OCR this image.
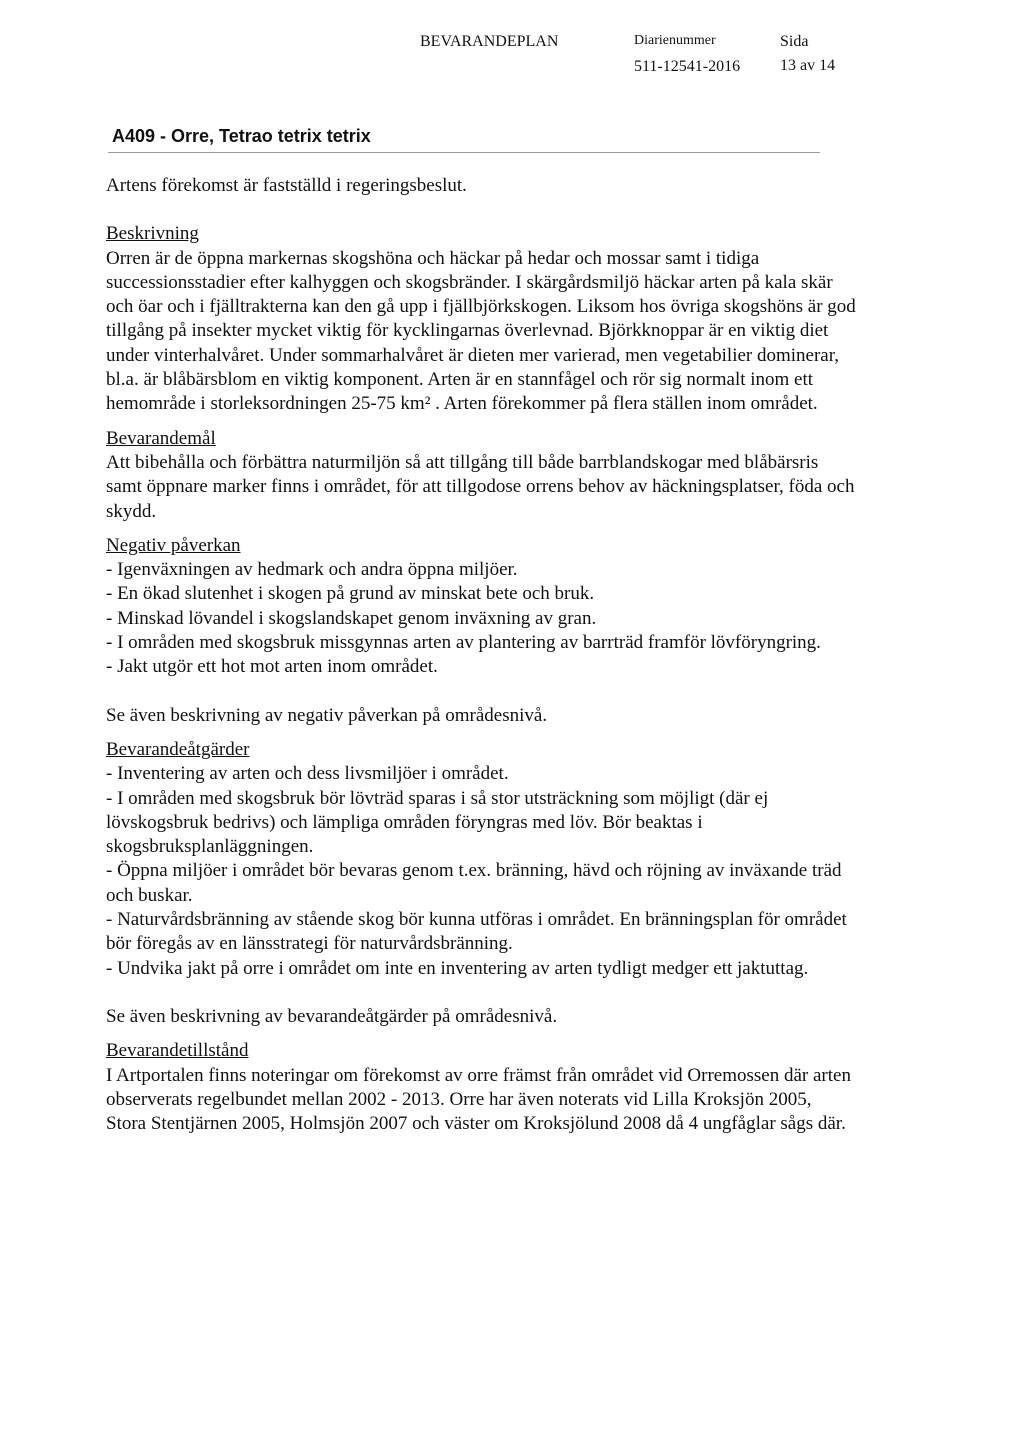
BEVARANDEPLAN	Diarienummer
511-12541-2016
Sida
13 av 14
A409 - Orre, Tetrao tetrix tetrix

Artens förekomst är fastställd i regeringsbeslut.

Beskrivning

Orren är de öppna markernas skogshöna och häckar på hedar och mossar samt i tidiga successionsstadier efter kalhyggen och skogsbränder. I skärgårdsmiljö häckar arten på kala skär och öar och i fjälltrakterna kan den gå upp i fjällbjörkskogen. Liksom hos övriga skogshöns är god tillgång på insekter mycket viktig för kycklingarnas överlevnad. Björkknoppar är en viktig diet under vinterhalvåret. Under sommarhalvåret är dieten mer varierad, men vegetabilier dominerar, bl.a. är blåbärsblom en viktig komponent. Arten är en stannfågel och rör sig normalt inom ett hemområde i storleksordningen 25-75 km² . Arten förekommer på flera ställen inom området.

Bevarandemål

Att bibehålla och förbättra naturmiljön så att tillgång till både barrblandskogar med blåbärsris samt öppnare marker finns i området, för att tillgodose orrens behov av häckningsplatser, föda och skydd.

Negativ påverkan

- Igenväxningen av hedmark och andra öppna miljöer.
- En ökad slutenhet i skogen på grund av minskat bete och bruk.
- Minskad lövandel i skogslandskapet genom inväxning av gran.
- I områden med skogsbruk missgynnas arten av plantering av barrträd framför lövföryngring.
- Jakt utgör ett hot mot arten inom området.

Se även beskrivning av negativ påverkan på områdesnivå.

Bevarandeåtgärder

- Inventering av arten och dess livsmiljöer i området.
- I områden med skogsbruk bör lövträd sparas i så stor utsträckning som möjligt (där ej lövskogsbruk bedrivs) och lämpliga områden föryngras med löv. Bör beaktas i skogsbruksplanläggningen.
- Öppna miljöer i området bör bevaras genom t.ex. bränning, hävd och röjning av inväxande träd och buskar.
- Naturvårdsbränning av stående skog bör kunna utföras i området. En bränningsplan för området bör föregås av en länsstrategi för naturvårdsbränning.
- Undvika jakt på orre i området om inte en inventering av arten tydligt medger ett jaktuttag.

Se även beskrivning av bevarandeåtgärder på områdesnivå.

Bevarandetillstånd

I Artportalen finns noteringar om förekomst av orre främst från området vid Orremossen där arten observerats regelbundet mellan 2002 - 2013. Orre har även noterats vid Lilla Kroksjön 2005, Stora Stentjärnen 2005, Holmsjön 2007 och väster om Kroksjölund 2008 då 4 ungfåglar sågs där.
